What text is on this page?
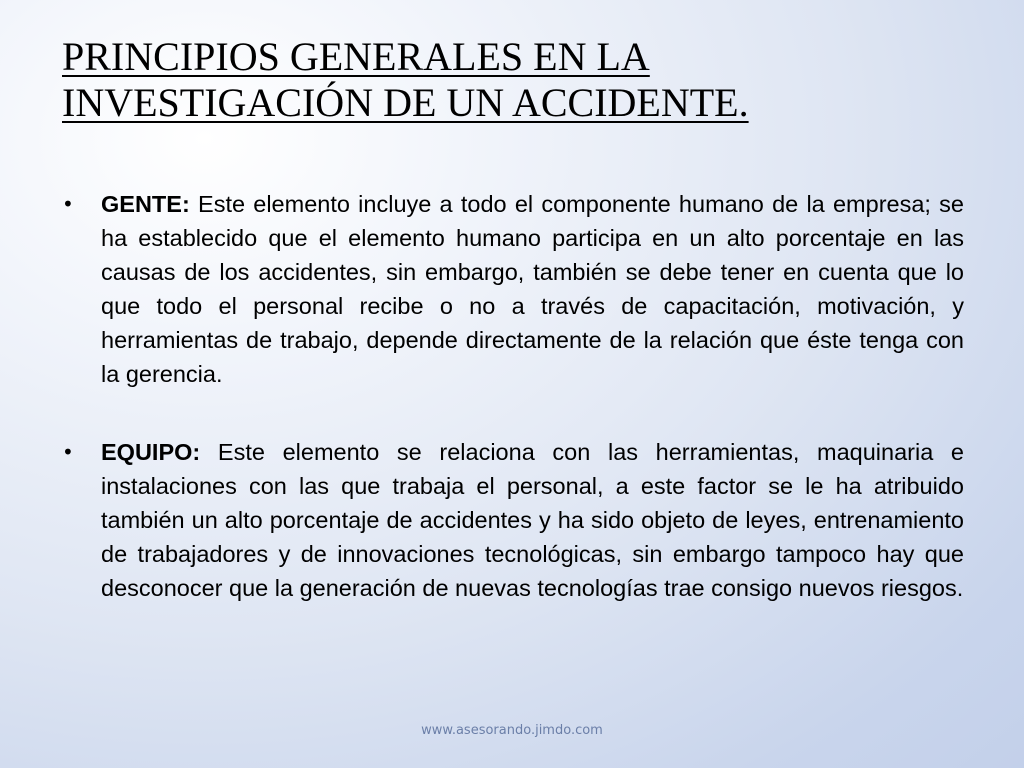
PRINCIPIOS GENERALES EN LA
INVESTIGACIÓN DE UN ACCIDENTE.
• GENTE: Este elemento incluye a todo el componente humano de la empresa; se ha establecido que el elemento humano participa en un alto porcentaje en las causas de los accidentes, sin embargo, también se debe tener en cuenta que lo que todo el personal recibe o no a través de capacitación, motivación, y herramientas de trabajo, depende directamente de la relación que éste tenga con la gerencia.
• EQUIPO: Este elemento se relaciona con las herramientas, maquinaria e instalaciones con las que trabaja el personal, a este factor se le ha atribuido también un alto porcentaje de accidentes y ha sido objeto de leyes, entrenamiento de trabajadores y de innovaciones tecnológicas, sin embargo tampoco hay que desconocer que la generación de nuevas tecnologías trae consigo nuevos riesgos.
www.asesorando.jimdo.com
